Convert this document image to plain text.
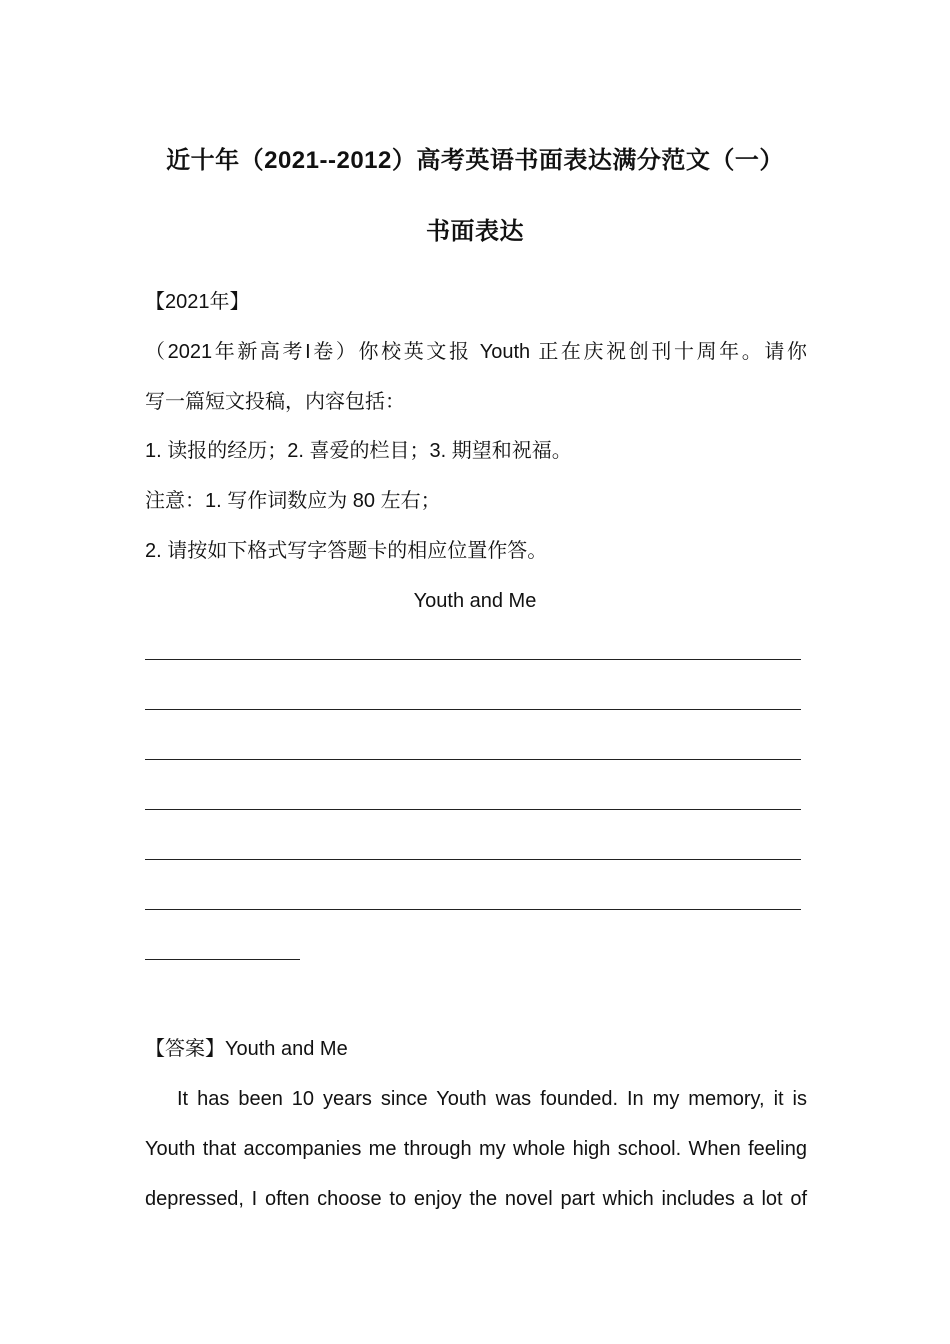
近十年（2021--2012）高考英语书面表达满分范文（一）
书面表达
【2021年】
（2021年新高考I卷）你校英文报 Youth 正在庆祝创刊十周年。请你
写一篇短文投稿，内容包括：
1. 读报的经历；2. 喜爱的栏目；3. 期望和祝福。
注意：1. 写作词数应为 80 左右；
2. 请按如下格式写字答题卡的相应位置作答。
Youth and Me
【答案】Youth and Me
It has been 10 years since Youth was founded. In my memory, it is
Youth that accompanies me through my whole high school. When feeling
depressed, I often choose to enjoy the novel part which includes a lot of
